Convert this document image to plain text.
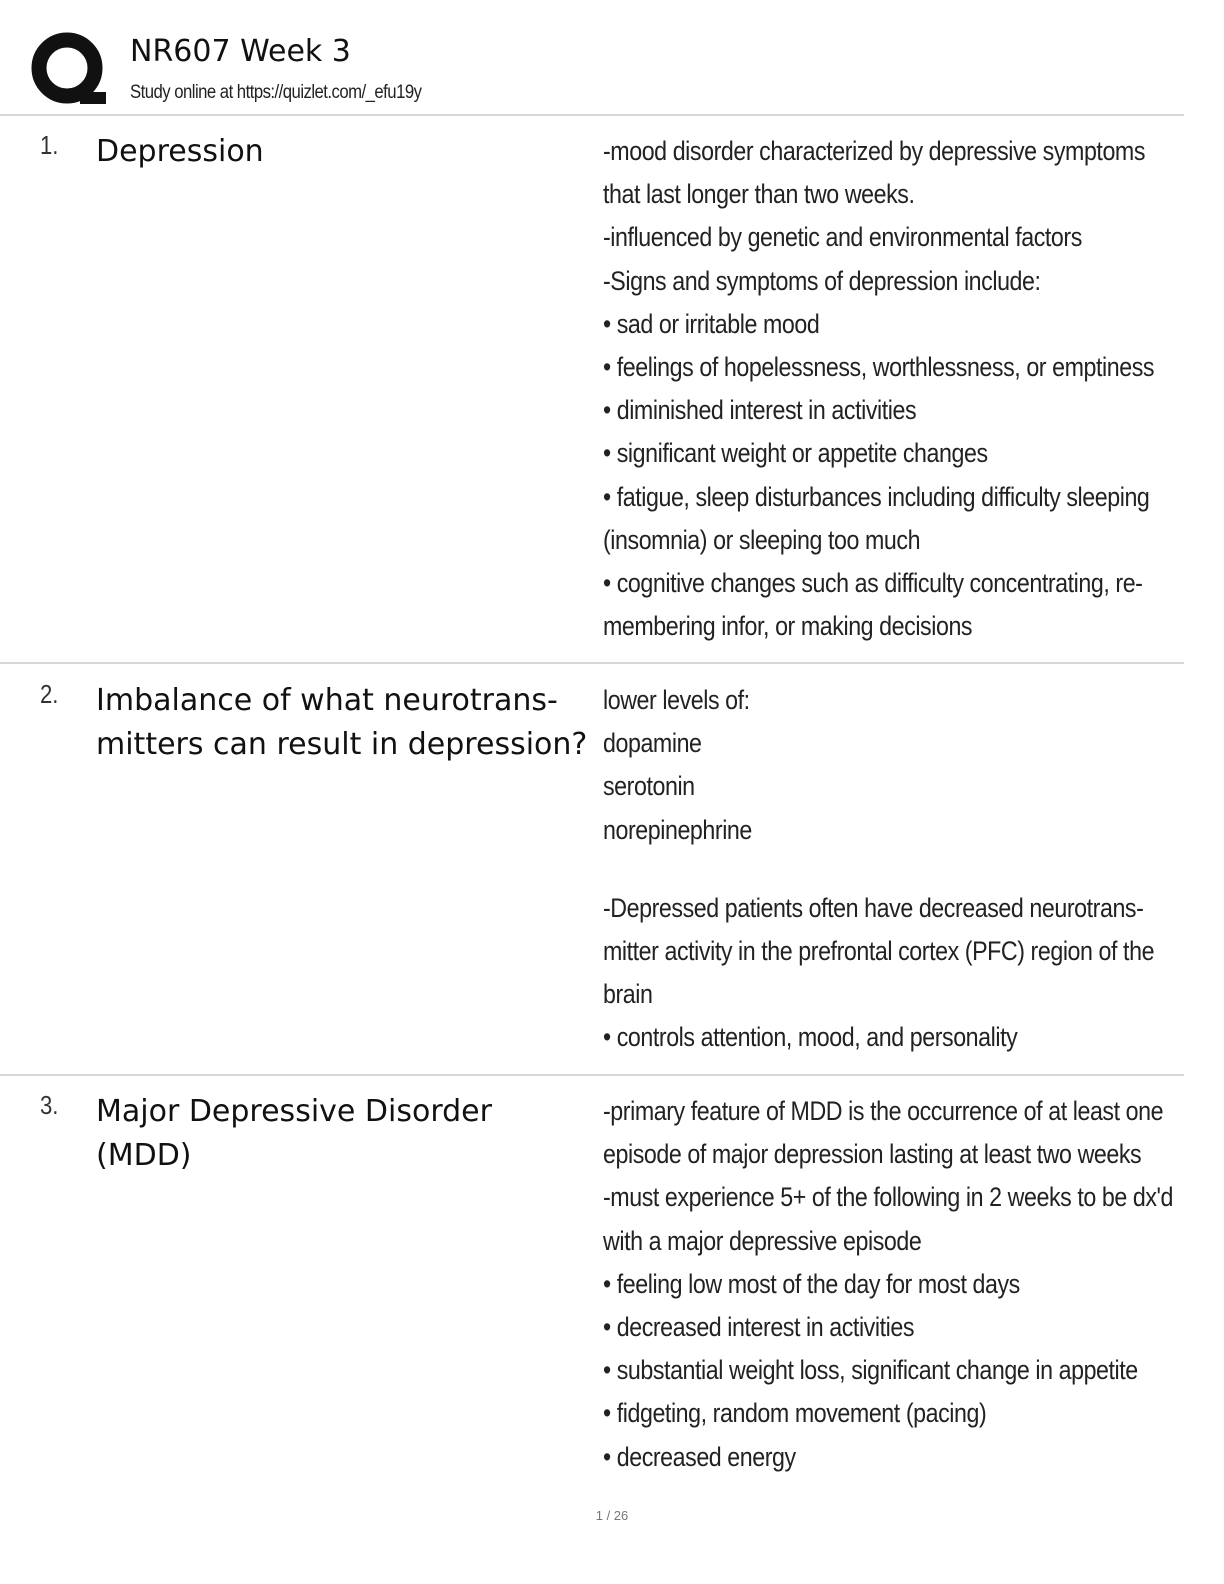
NR607 Week 3
Study online at https://quizlet.com/_efu19y
1. Depression	-mood disorder characterized by depressive symptoms
that last longer than two weeks.
-influenced by genetic and environmental factors
-Signs and symptoms of depression include:
• sad or irritable mood
• feelings of hopelessness, worthlessness, or emptiness
• diminished interest in activities
• significant weight or appetite changes
• fatigue, sleep disturbances including difficulty sleeping
(insomnia) or sleeping too much
• cognitive changes such as difficulty concentrating, re-
membering infor, or making decisions
2. Imbalance of what neurotrans-
mitters can result in depression?
lower levels of:
dopamine
serotonin
norepinephrine
-Depressed patients often have decreased neurotrans-
mitter activity in the prefrontal cortex (PFC) region of the
brain
• controls attention, mood, and personality
3. Major Depressive Disorder (MDD)
-primary feature of MDD is the occurrence of at least one
episode of major depression lasting at least two weeks
-must experience 5+ of the following in 2 weeks to be dx'd
with a major depressive episode
• feeling low most of the day for most days
• decreased interest in activities
• substantial weight loss, significant change in appetite
• fidgeting, random movement (pacing)
• decreased energy
1 / 26
